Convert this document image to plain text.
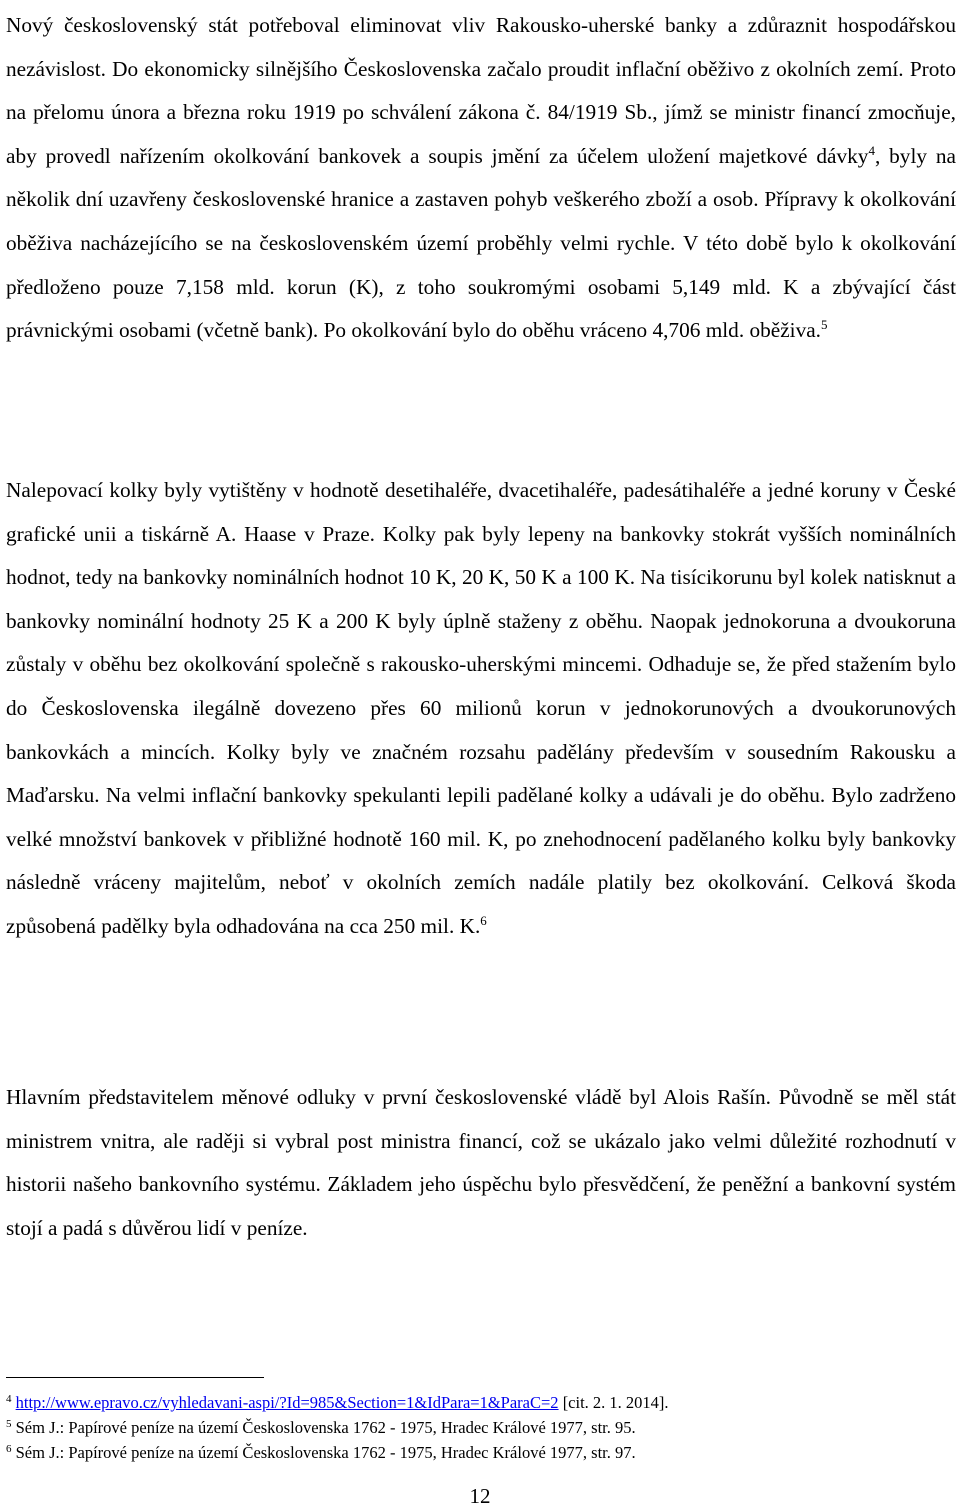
Nový československý stát potřeboval eliminovat vliv Rakousko-uherské banky a zdůraznit hospodářskou nezávislost. Do ekonomicky silnějšího Československa začalo proudit inflační oběživo z okolních zemí. Proto na přelomu února a března roku 1919 po schválení zákona č. 84/1919 Sb., jímž se ministr financí zmocňuje, aby provedl nařízením okolkování bankovek a soupis jmění za účelem uložení majetkové dávky$^4$, byly na několik dní uzavřeny československé hranice a zastaven pohyb veškerého zboží a osob. Přípravy k okolkování oběživa nacházejícího se na československém území proběhly velmi rychle. V této době bylo k okolkování předloženo pouze 7,158 mld. korun (K), z toho soukromými osobami 5,149 mld. K a zbývající část právnickými osobami (včetně bank). Po okolkování bylo do oběhu vráceno 4,706 mld. oběživa.$^5$

Nalepovací kolky byly vytištěny v hodnotě desetihaléře, dvacetihaléře, padesátihaléře a jedné koruny v České grafické unii a tiskárně A. Haase v Praze. Kolky pak byly lepeny na bankovky stokrát vyšších nominálních hodnot, tedy na bankovky nominálních hodnot 10 K, 20 K, 50 K a 100 K. Na tisícikorunu byl kolek natisknut a bankovky nominální hodnoty 25 K a 200 K byly úplně staženy z oběhu. Naopak jednokoruna a dvoukoruna zůstaly v oběhu bez okolkování společně s rakousko-uherskými mincemi. Odhaduje se, že před stažením bylo do Československa ilegálně dovezeno přes 60 milionů korun v jednokorunových a dvoukorunových bankovkách a mincích. Kolky byly ve značném rozsahu padělány především v sousedním Rakousku a Maďarsku. Na velmi inflační bankovky spekulanti lepili padělané kolky a udávali je do oběhu. Bylo zadrženo velké množství bankovek v přibližné hodnotě 160 mil. K, po znehodnocení padělaného kolku byly bankovky následně vráceny majitelům, neboť v okolních zemích nadále platily bez okolkování. Celková škoda způsobená padělky byla odhadována na cca 250 mil. K.$^6$

Hlavním představitelem měnové odluky v první československé vládě byl Alois Rašín. Původně se měl stát ministrem vnitra, ale raději si vybral post ministra financí, což se ukázalo jako velmi důležité rozhodnutí v historii našeho bankovního systému. Základem jeho úspěchu bylo přesvědčení, že peněžní a bankovní systém stojí a padá s důvěrou lidí v peníze.

$^4$ http://www.epravo.cz/vyhledavani-aspi/?Id=985&Section=1&IdPara=1&ParaC=2 [cit. 2. 1. 2014].
$^5$ Sém J.: Papírové peníze na území Československa 1762 - 1975, Hradec Králové 1977, str. 95.
$^6$ Sém J.: Papírové peníze na území Československa 1762 - 1975, Hradec Králové 1977, str. 97.
12
